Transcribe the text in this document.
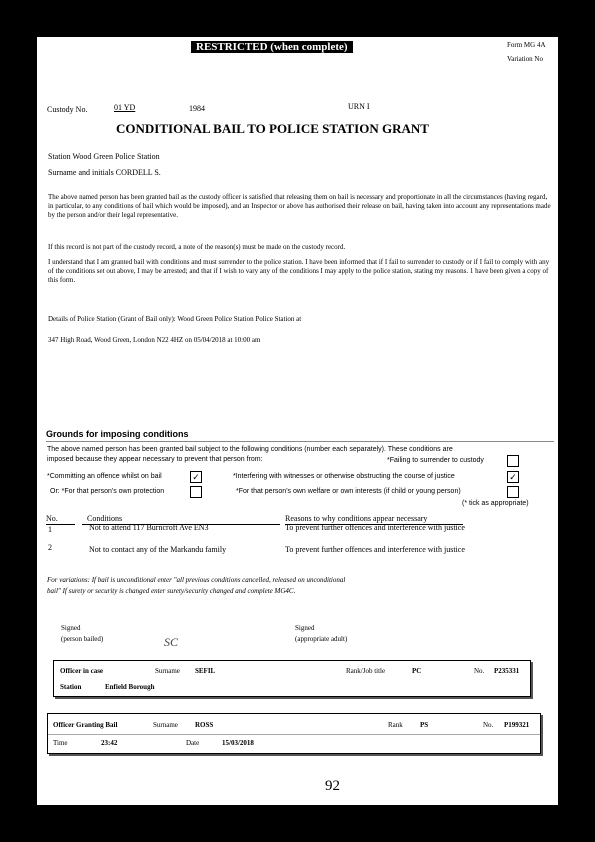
RESTRICTED (when complete)	Form MG 4A
Variation No
Custody No.	01 YD	1984	URN I
CONDITIONAL BAIL TO POLICE STATION GRANT
Station Wood Green Police Station
Surname and initials CORDELL S.
The above named person has been granted bail as the custody officer is satisfied that releasing them on bail is necessary and proportionate in all the circumstances (having regard, in particular, to any conditions of bail which would be imposed), and an Inspector or above has authorised their release on bail, having taken into account any representations made by the person and/or their legal representative.
If this record is not part of the custody record, a note of the reason(s) must be made on the custody record.
I understand that I am granted bail with conditions and must surrender to the police station. I have been informed that if I fail to surrender to custody or if I fail to comply with any of the conditions set out above, I may be arrested; and that if I wish to vary any of the conditions I may apply to the police station, stating my reasons. 1 have been given a copy of this form.
Details of Police Station (Grant of Bail only): Wood Green Police Station Police Station at
347 High Road, Wood Green, London N22 4HZ on 05/04/2018 at 10:00 am
Grounds for imposing conditions
The above named person has been granted bail subject to the following conditions (number each separately). These conditions are
imposed because they appear necessary to prevent that person from:	*Failing to surrender to custody
*Committing an offence whilst on bail	✓	*Interfering with witnesses or otherwise obstructing the course of justice	✓
Or: *For that person's own protection	*For that person's own welfare or own interests (if child or young person)
(* tick as appropriate)
No.	Conditions	Reasons to why conditions appear necessary
1	Not to attend 117 Burncroft Ave EN3	To prevent further offences and interference with justice
2	Not to contact any of the Markandu family	To prevent further offences and interference with justice
For variations: If bail is unconditional enter "all previous conditions cancelled, released on unconditional
bail" If surety or security is changed enter surety/security changed and complete MG4C.
Signed
(person bailed)	SC
Signed
(appropriate adult)
Officer in case	Surname SEFIL	Rank/Job title	PC	No. P235331
Station	Enfield Borough
Officer Granting Bail	Surname ROSS	Rank PS	No. P199321
Time	23:42	Date	15/03/2018
92
